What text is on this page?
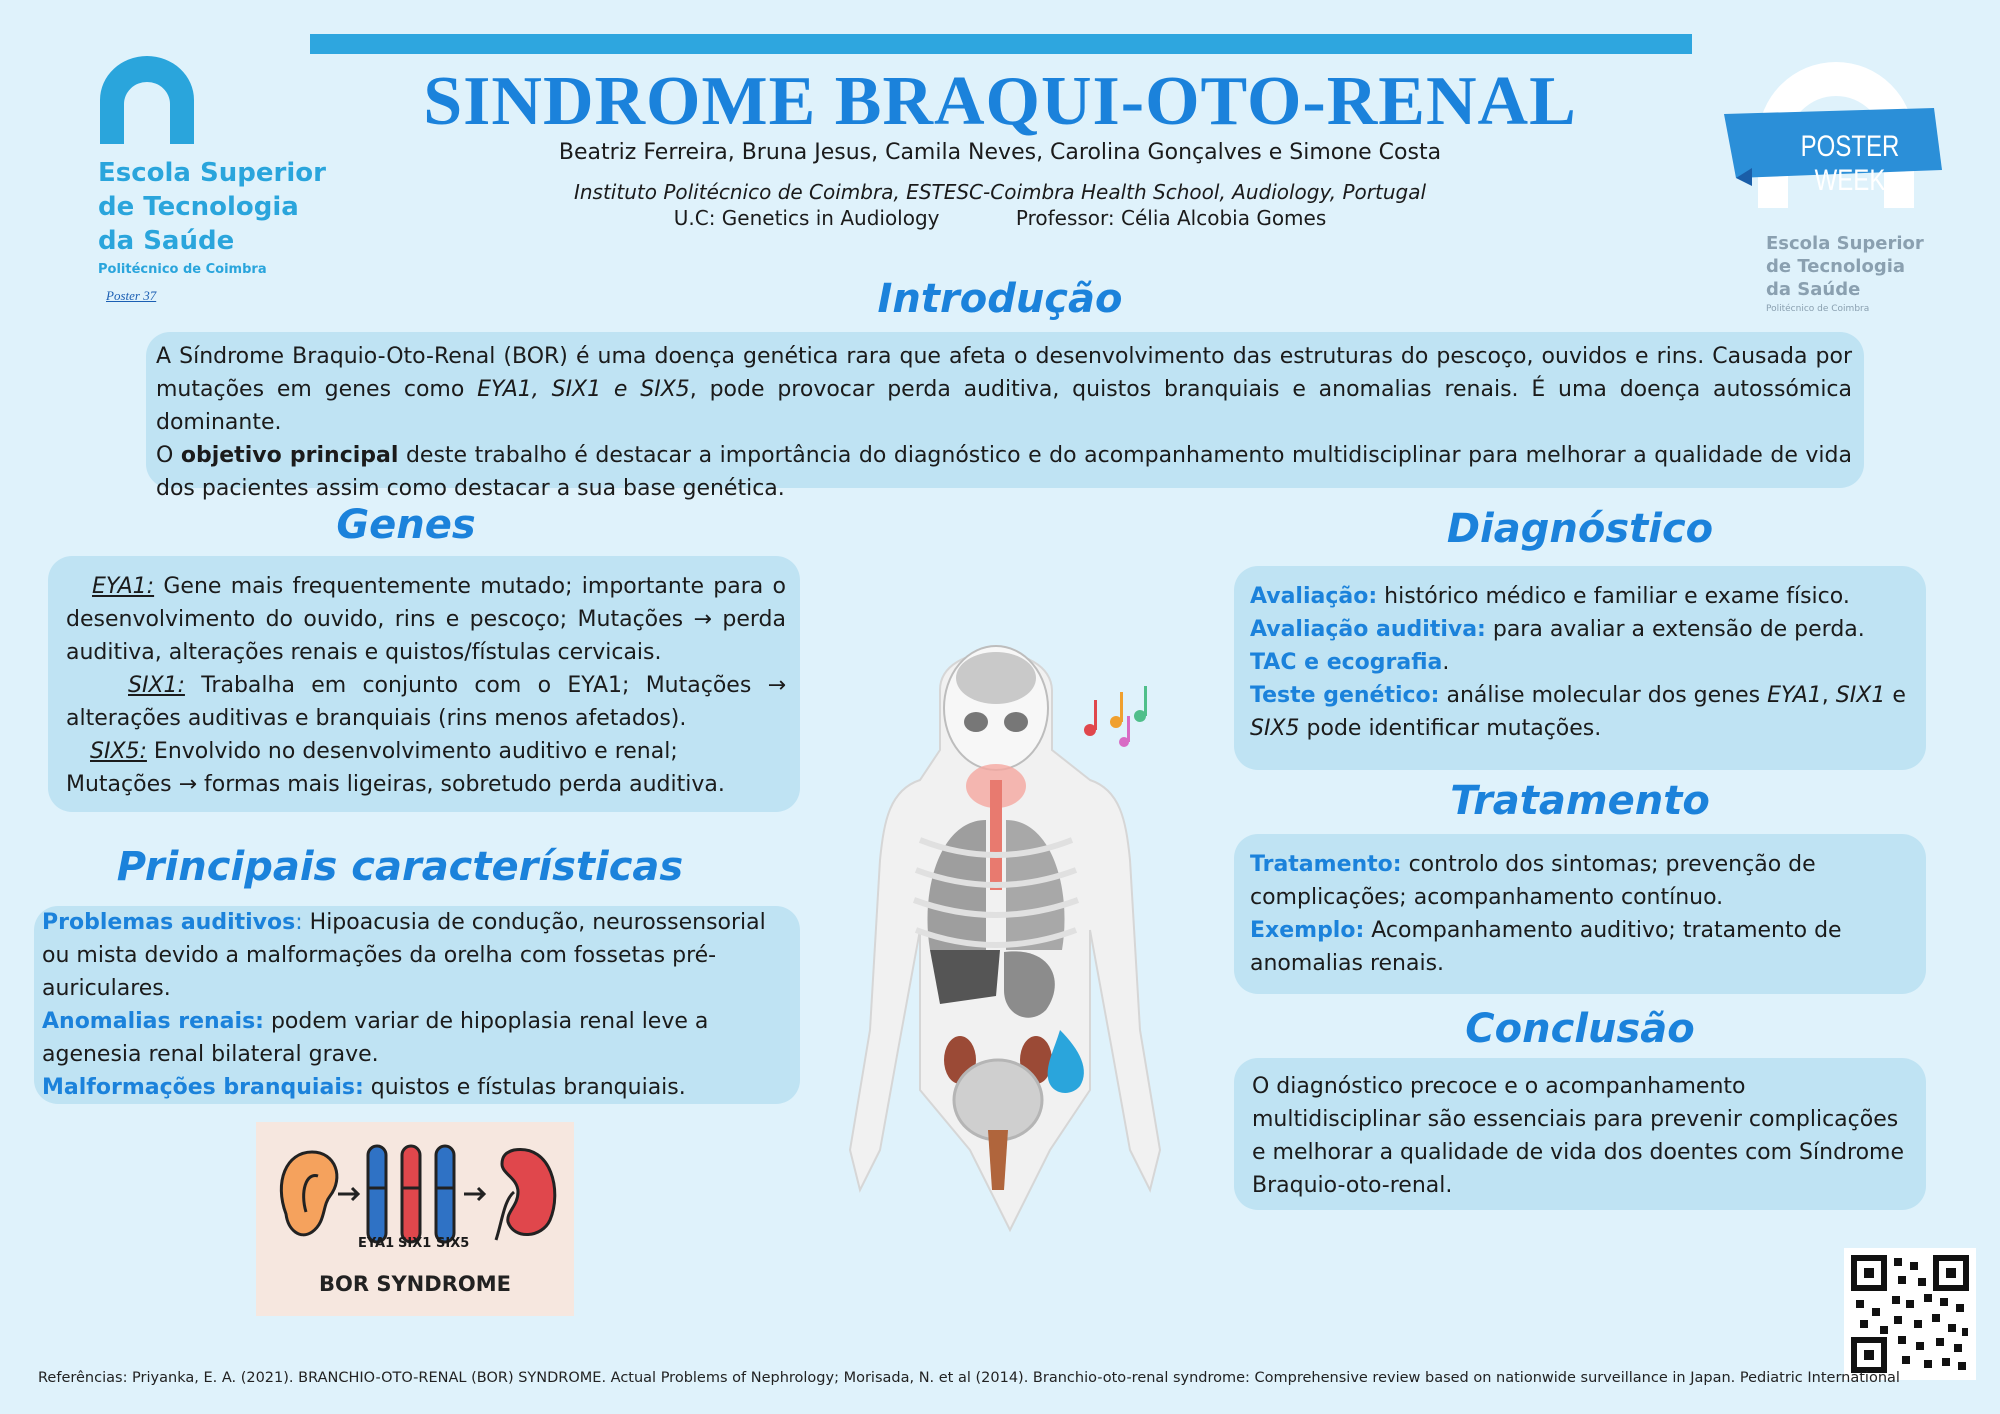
SINDROME BRAQUI-OTO-RENAL
Beatriz Ferreira, Bruna Jesus, Camila Neves, Carolina Gonçalves e Simone Costa
Instituto Politécnico de Coimbra, ESTESC-Coimbra Health School, Audiology, Portugal
U.C: Genetics in Audiology	Professor: Célia Alcobia Gomes
Escola Superior
de Tecnologia
da Saúde
Politécnico de Coimbra
Poster 37
POSTER WEEK
Escola Superior
de Tecnologia
da Saúde
Politécnico de Coimbra
Introdução

A Síndrome Braquio-Oto-Renal (BOR) é uma doença genética rara que afeta o desenvolvimento das estruturas do pescoço, ouvidos e rins. Causada por mutações em genes como EYA1, SIX1 e SIX5, pode provocar perda auditiva, quistos branquiais e anomalias renais. É uma doença autossómica dominante.

O objetivo principal deste trabalho é destacar a importância do diagnóstico e do acompanhamento multidisciplinar para melhorar a qualidade de vida dos pacientes assim como destacar a sua base genética.

Genes

EYA1: Gene mais frequentemente mutado; importante para o desenvolvimento do ouvido, rins e pescoço; Mutações → perda auditiva, alterações renais e quistos/fístulas cervicais.

SIX1: Trabalha em conjunto com o EYA1; Mutações → alterações auditivas e branquiais (rins menos afetados).

SIX5: Envolvido no desenvolvimento auditivo e renal;

Mutações → formas mais ligeiras, sobretudo perda auditiva.

Principais características

Problemas auditivos: Hipoacusia de condução, neurossensorial ou mista devido a malformações da orelha com fossetas pré-auriculares.

Anomalias renais: podem variar de hipoplasia renal leve a agenesia renal bilateral grave.

Malformações branquiais: quistos e fístulas branquiais.

EYA1 SIX1 SIX5
BOR SYNDROME
Diagnóstico

Avaliação: histórico médico e familiar e exame físico.

Avaliação auditiva: para avaliar a extensão de perda.

TAC e ecografia.

Teste genético: análise molecular dos genes EYA1, SIX1 e SIX5 pode identificar mutações.

Tratamento

Tratamento: controlo dos sintomas; prevenção de complicações; acompanhamento contínuo.

Exemplo: Acompanhamento auditivo; tratamento de anomalias renais.

Conclusão

O diagnóstico precoce e o acompanhamento multidisciplinar são essenciais para prevenir complicações e melhorar a qualidade de vida dos doentes com Síndrome Braquio-oto-renal.

Referências: Priyanka, E. A. (2021). BRANCHIO-OTO-RENAL (BOR) SYNDROME. Actual Problems of Nephrology; Morisada, N. et al (2014). Branchio-oto-renal syndrome: Comprehensive review based on nationwide surveillance in Japan. Pediatric International
